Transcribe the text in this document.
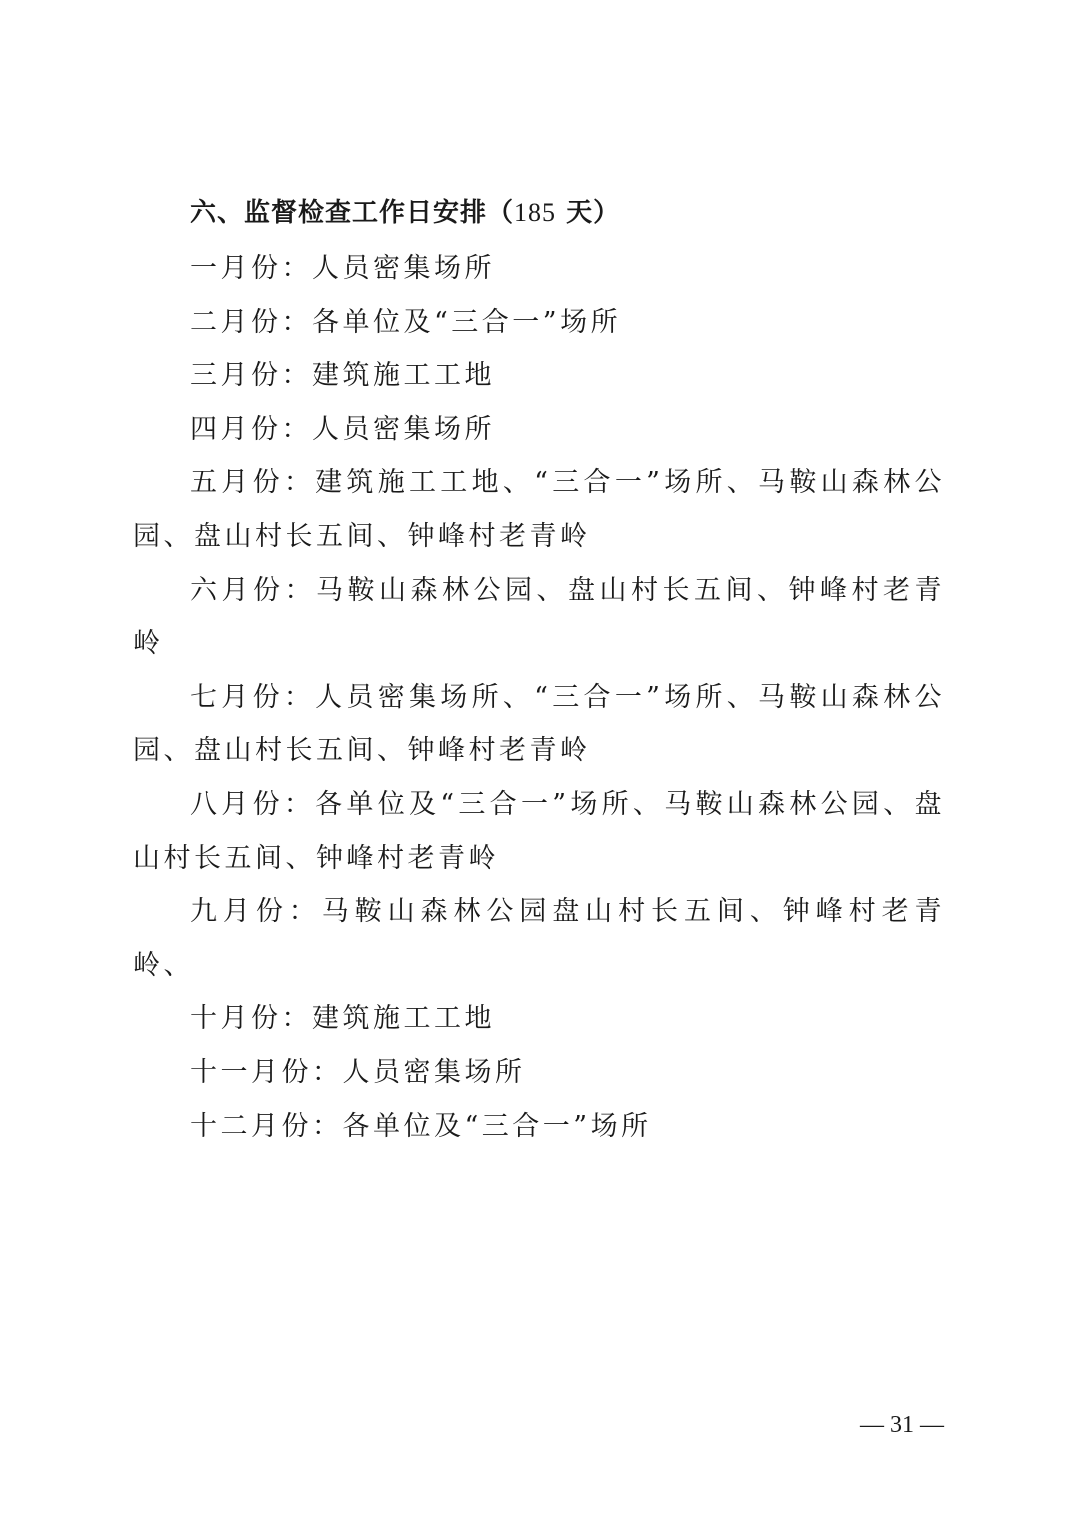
六、监督检查工作日安排（185 天）

一月份：人员密集场所

二月份：各单位及“三合一”场所

三月份：建筑施工工地

四月份：人员密集场所

五月份：建筑施工工地、“三合一”场所、马鞍山森林公园、盘山村长五间、钟峰村老青岭

六月份：马鞍山森林公园、盘山村长五间、钟峰村老青岭

七月份：人员密集场所、“三合一”场所、马鞍山森林公园、盘山村长五间、钟峰村老青岭

八月份：各单位及“三合一”场所、马鞍山森林公园、盘山村长五间、钟峰村老青岭

九月份：马鞍山森林公园盘山村长五间、钟峰村老青岭、

十月份：建筑施工工地

十一月份：人员密集场所

十二月份：各单位及“三合一”场所

— 31 —
